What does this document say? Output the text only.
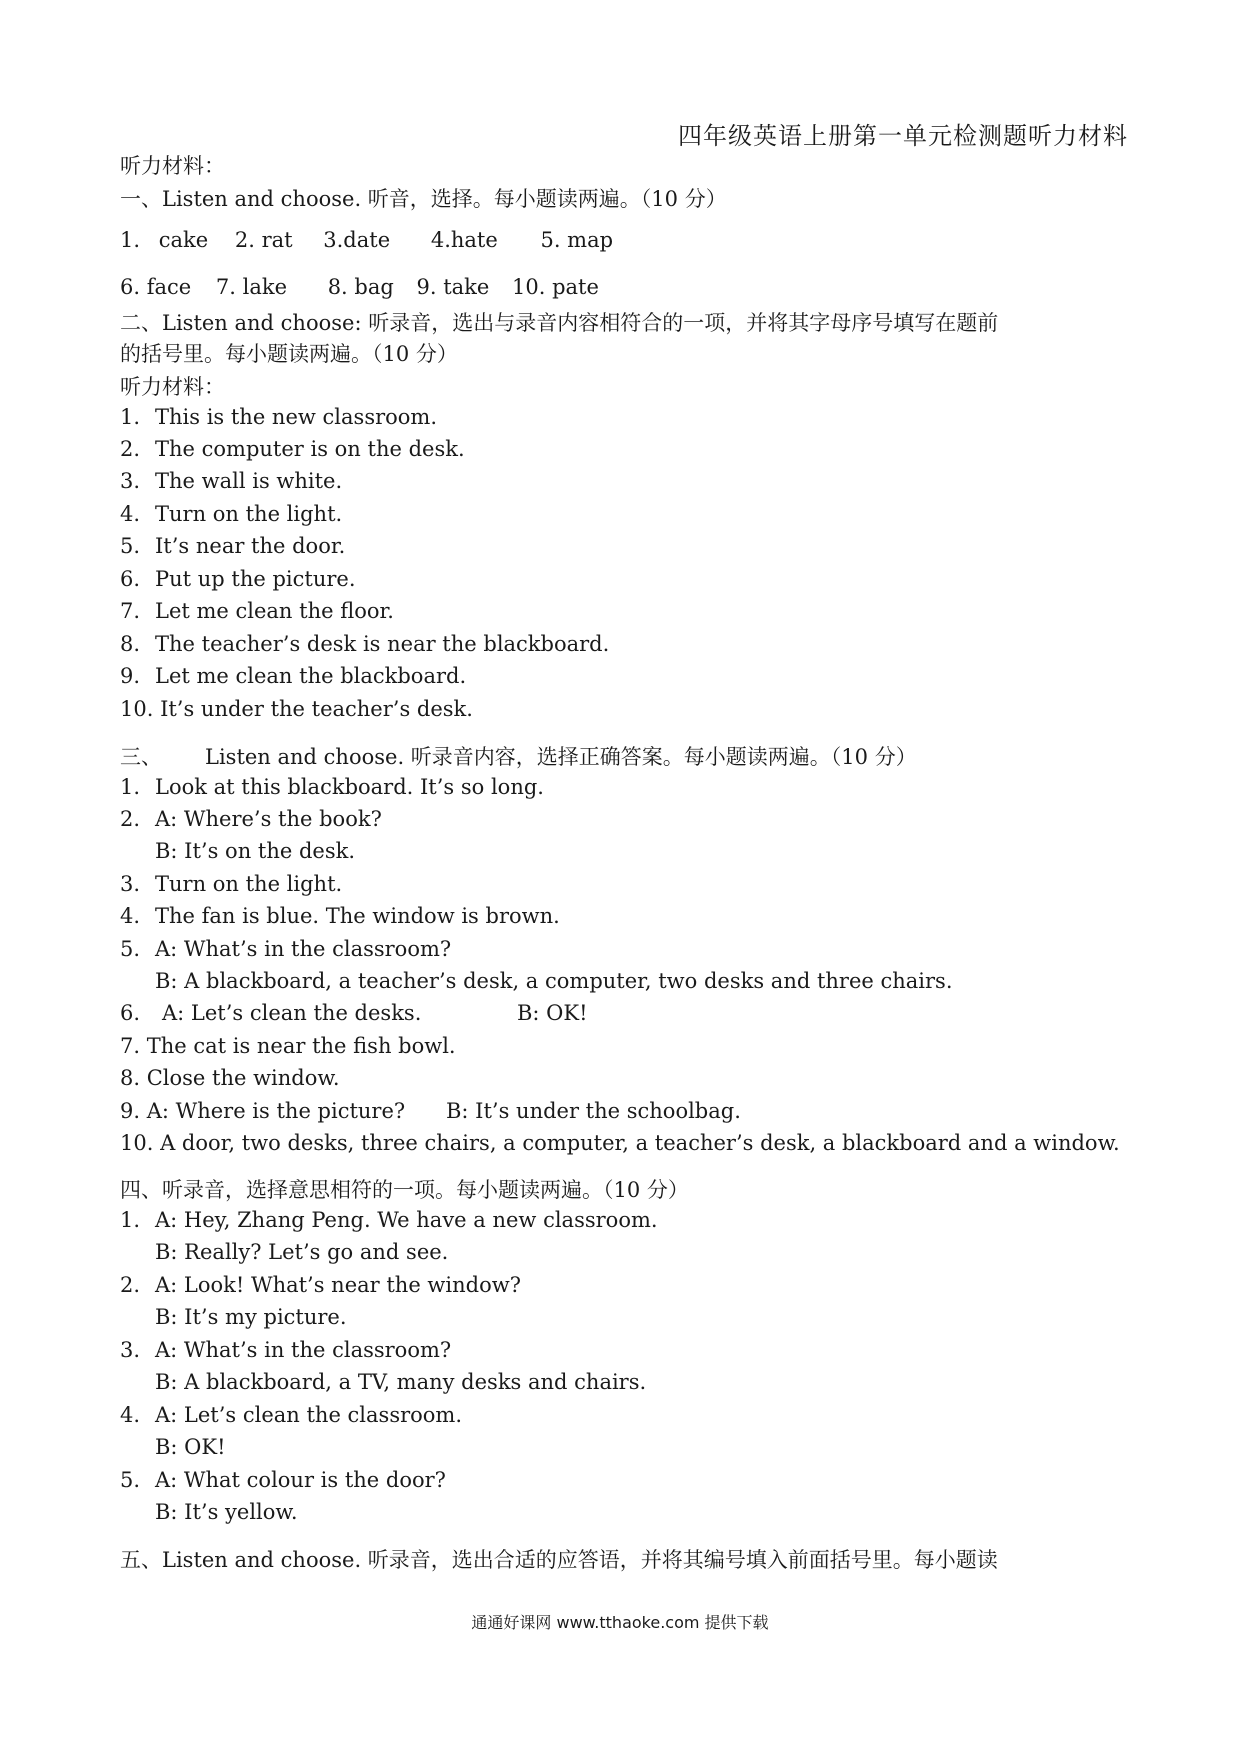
四年级英语上册第一单元检测题听力材料
听力材料：
一、Listen and choose. 听音，选择。每小题读两遍。（10 分）
1. cake 2. rat 3.date 4.hate 5. map
6. face 7. lake 8. bag 9. take 10. pate
二、Listen and choose: 听录音，选出与录音内容相符合的一项，并将其字母序号填写在题前
的括号里。每小题读两遍。（10 分）
听力材料：
1. This is the new classroom.
2. The computer is on the desk.
3. The wall is white.
4. Turn on the light.
5. It’s near the door.
6. Put up the picture.
7. Let me clean the floor.
8. The teacher’s desk is near the blackboard.
9. Let me clean the blackboard.
10. It’s under the teacher’s desk.
三、 Listen and choose. 听录音内容，选择正确答案。每小题读两遍。（10 分）
1. Look at this blackboard. It’s so long.
2. A: Where’s the book?
B: It’s on the desk.
3. Turn on the light.
4. The fan is blue. The window is brown.
5. A: What’s in the classroom?
B: A blackboard, a teacher’s desk, a computer, two desks and three chairs.
6. A: Let’s clean the desks.	B: OK!
7. The cat is near the fish bowl.
8. Close the window.
9. A: Where is the picture? B: It’s under the schoolbag.
10. A door, two desks, three chairs, a computer, a teacher’s desk, a blackboard and a window.
四、听录音，选择意思相符的一项。每小题读两遍。（10 分）
1. A: Hey, Zhang Peng. We have a new classroom.
B: Really? Let’s go and see.
2. A: Look! What’s near the window?
B: It’s my picture.
3. A: What’s in the classroom?
B: A blackboard, a TV, many desks and chairs.
4. A: Let’s clean the classroom.
B: OK!
5. A: What colour is the door?
B: It’s yellow.
五、Listen and choose. 听录音，选出合适的应答语，并将其编号填入前面括号里。每小题读
通通好课网 www.tthaoke.com 提供下载
